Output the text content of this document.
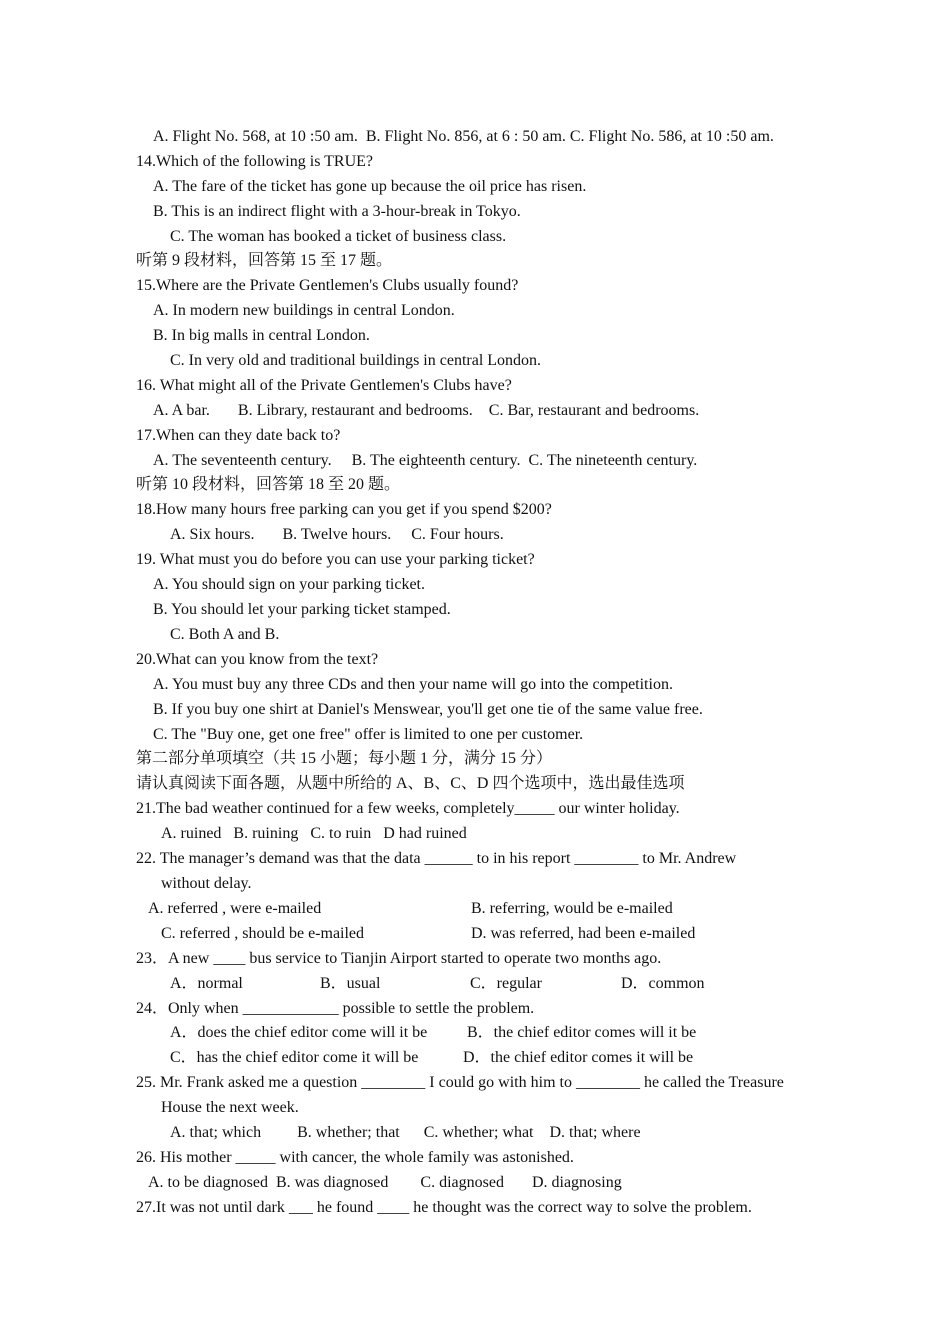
A. Flight No. 568, at 10 :50 am.  B. Flight No. 856, at 6 : 50 am. C. Flight No. 586, at 10 :50 am.
14.Which of the following is TRUE?
A. The fare of the ticket has gone up because the oil price has risen.
B. This is an indirect flight with a 3-hour-break in Tokyo.
C. The woman has booked a ticket of business class.
听第 9 段材料，回答第 15 至 17 题。
15.Where are the Private Gentlemen's Clubs usually found?
A. In modern new buildings in central London.
B. In big malls in central London.
C. In very old and traditional buildings in central London.
16. What might all of the Private Gentlemen's Clubs have?
A. A bar.       B. Library, restaurant and bedrooms.    C. Bar, restaurant and bedrooms.
17.When can they date back to?
A. The seventeenth century.     B. The eighteenth century.  C. The nineteenth century.
听第 10 段材料，回答第 18 至 20 题。
18.How many hours free parking can you get if you spend $200?
A. Six hours.       B. Twelve hours.     C. Four hours.
19. What must you do before you can use your parking ticket?
A. You should sign on your parking ticket.
B. You should let your parking ticket stamped.
C. Both A and B.
20.What can you know from the text?
A. You must buy any three CDs and then your name will go into the competition.
B. If you buy one shirt at Daniel's Menswear, you'll get one tie of the same value free.
C. The "Buy one, get one free" offer is limited to one per customer.
第二部分单项填空（共 15 小题；每小题 1 分，满分 15 分）
请认真阅读下面各题，从题中所给的 A、B、C、D 四个选项中，选出最佳选项
21.The bad weather continued for a few weeks, completely_____ our winter holiday.
A. ruined   B. ruining   C. to ruin   D had ruined
22. The manager’s demand was that the data ______ to in his report ________ to Mr. Andrew
without delay.
A. referred , were e-mailed	B. referring, would be e-mailed
C. referred , should be e-mailed	D. was referred, had been e-mailed
23．A new ____ bus service to Tianjin Airport started to operate two months ago.
A．normal	B．usual	C．regular	D．common
24．Only when ____________ possible to settle the problem.
A．does the chief editor come will it be B．the chief editor comes will it be
C．has the chief editor come it will be	D．the chief editor comes it will be
25. Mr. Frank asked me a question ________ I could go with him to ________ he called the Treasure
House the next week.
A. that; which         B. whether; that      C. whether; what    D. that; where
26. His mother _____ with cancer, the whole family was astonished.
A. to be diagnosed  B. was diagnosed        C. diagnosed       D. diagnosing
27.It was not until dark ___ he found ____ he thought was the correct way to solve the problem.
